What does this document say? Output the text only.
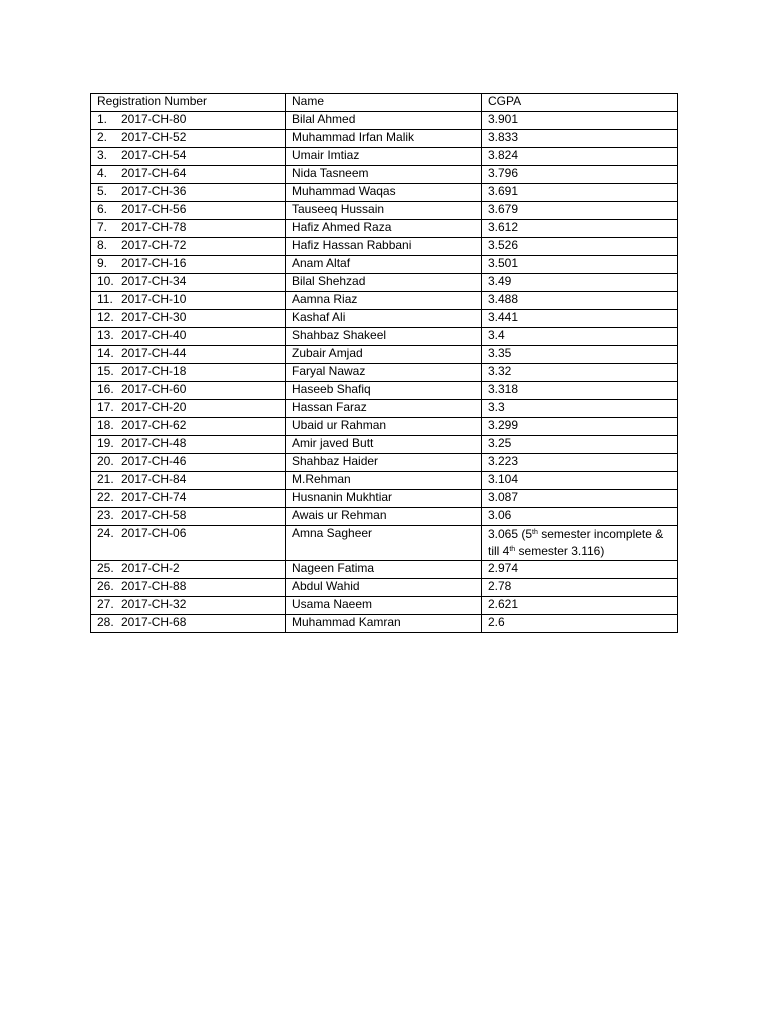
Registration Number	Name	CGPA
1. 2017-CH-80	Bilal Ahmed	3.901
2. 2017-CH-52	Muhammad Irfan Malik	3.833
3. 2017-CH-54	Umair Imtiaz	3.824
4. 2017-CH-64	Nida Tasneem	3.796
5. 2017-CH-36	Muhammad Waqas	3.691
6. 2017-CH-56	Tauseeq Hussain	3.679
7. 2017-CH-78	Hafiz Ahmed Raza	3.612
8. 2017-CH-72	Hafiz Hassan Rabbani	3.526
9. 2017-CH-16	Anam Altaf	3.501
10. 2017-CH-34	Bilal Shehzad	3.49
11. 2017-CH-10	Aamna Riaz	3.488
12. 2017-CH-30	Kashaf Ali	3.441
13. 2017-CH-40	Shahbaz Shakeel	3.4
14. 2017-CH-44	Zubair Amjad	3.35
15. 2017-CH-18	Faryal Nawaz	3.32
16. 2017-CH-60	Haseeb Shafiq	3.318
17. 2017-CH-20	Hassan Faraz	3.3
18. 2017-CH-62	Ubaid ur Rahman	3.299
19. 2017-CH-48	Amir javed Butt	3.25
20. 2017-CH-46	Shahbaz Haider	3.223
21. 2017-CH-84	M.Rehman	3.104
22. 2017-CH-74	Husnanin Mukhtiar	3.087
23. 2017-CH-58	Awais ur Rehman	3.06
24. 2017-CH-06	Amna Sagheer	3.065 (5th semester incomplete & till 4th semester 3.116)
25. 2017-CH-2	Nageen Fatima	2.974
26. 2017-CH-88	Abdul Wahid	2.78
27. 2017-CH-32	Usama Naeem	2.621
28. 2017-CH-68	Muhammad Kamran	2.6
